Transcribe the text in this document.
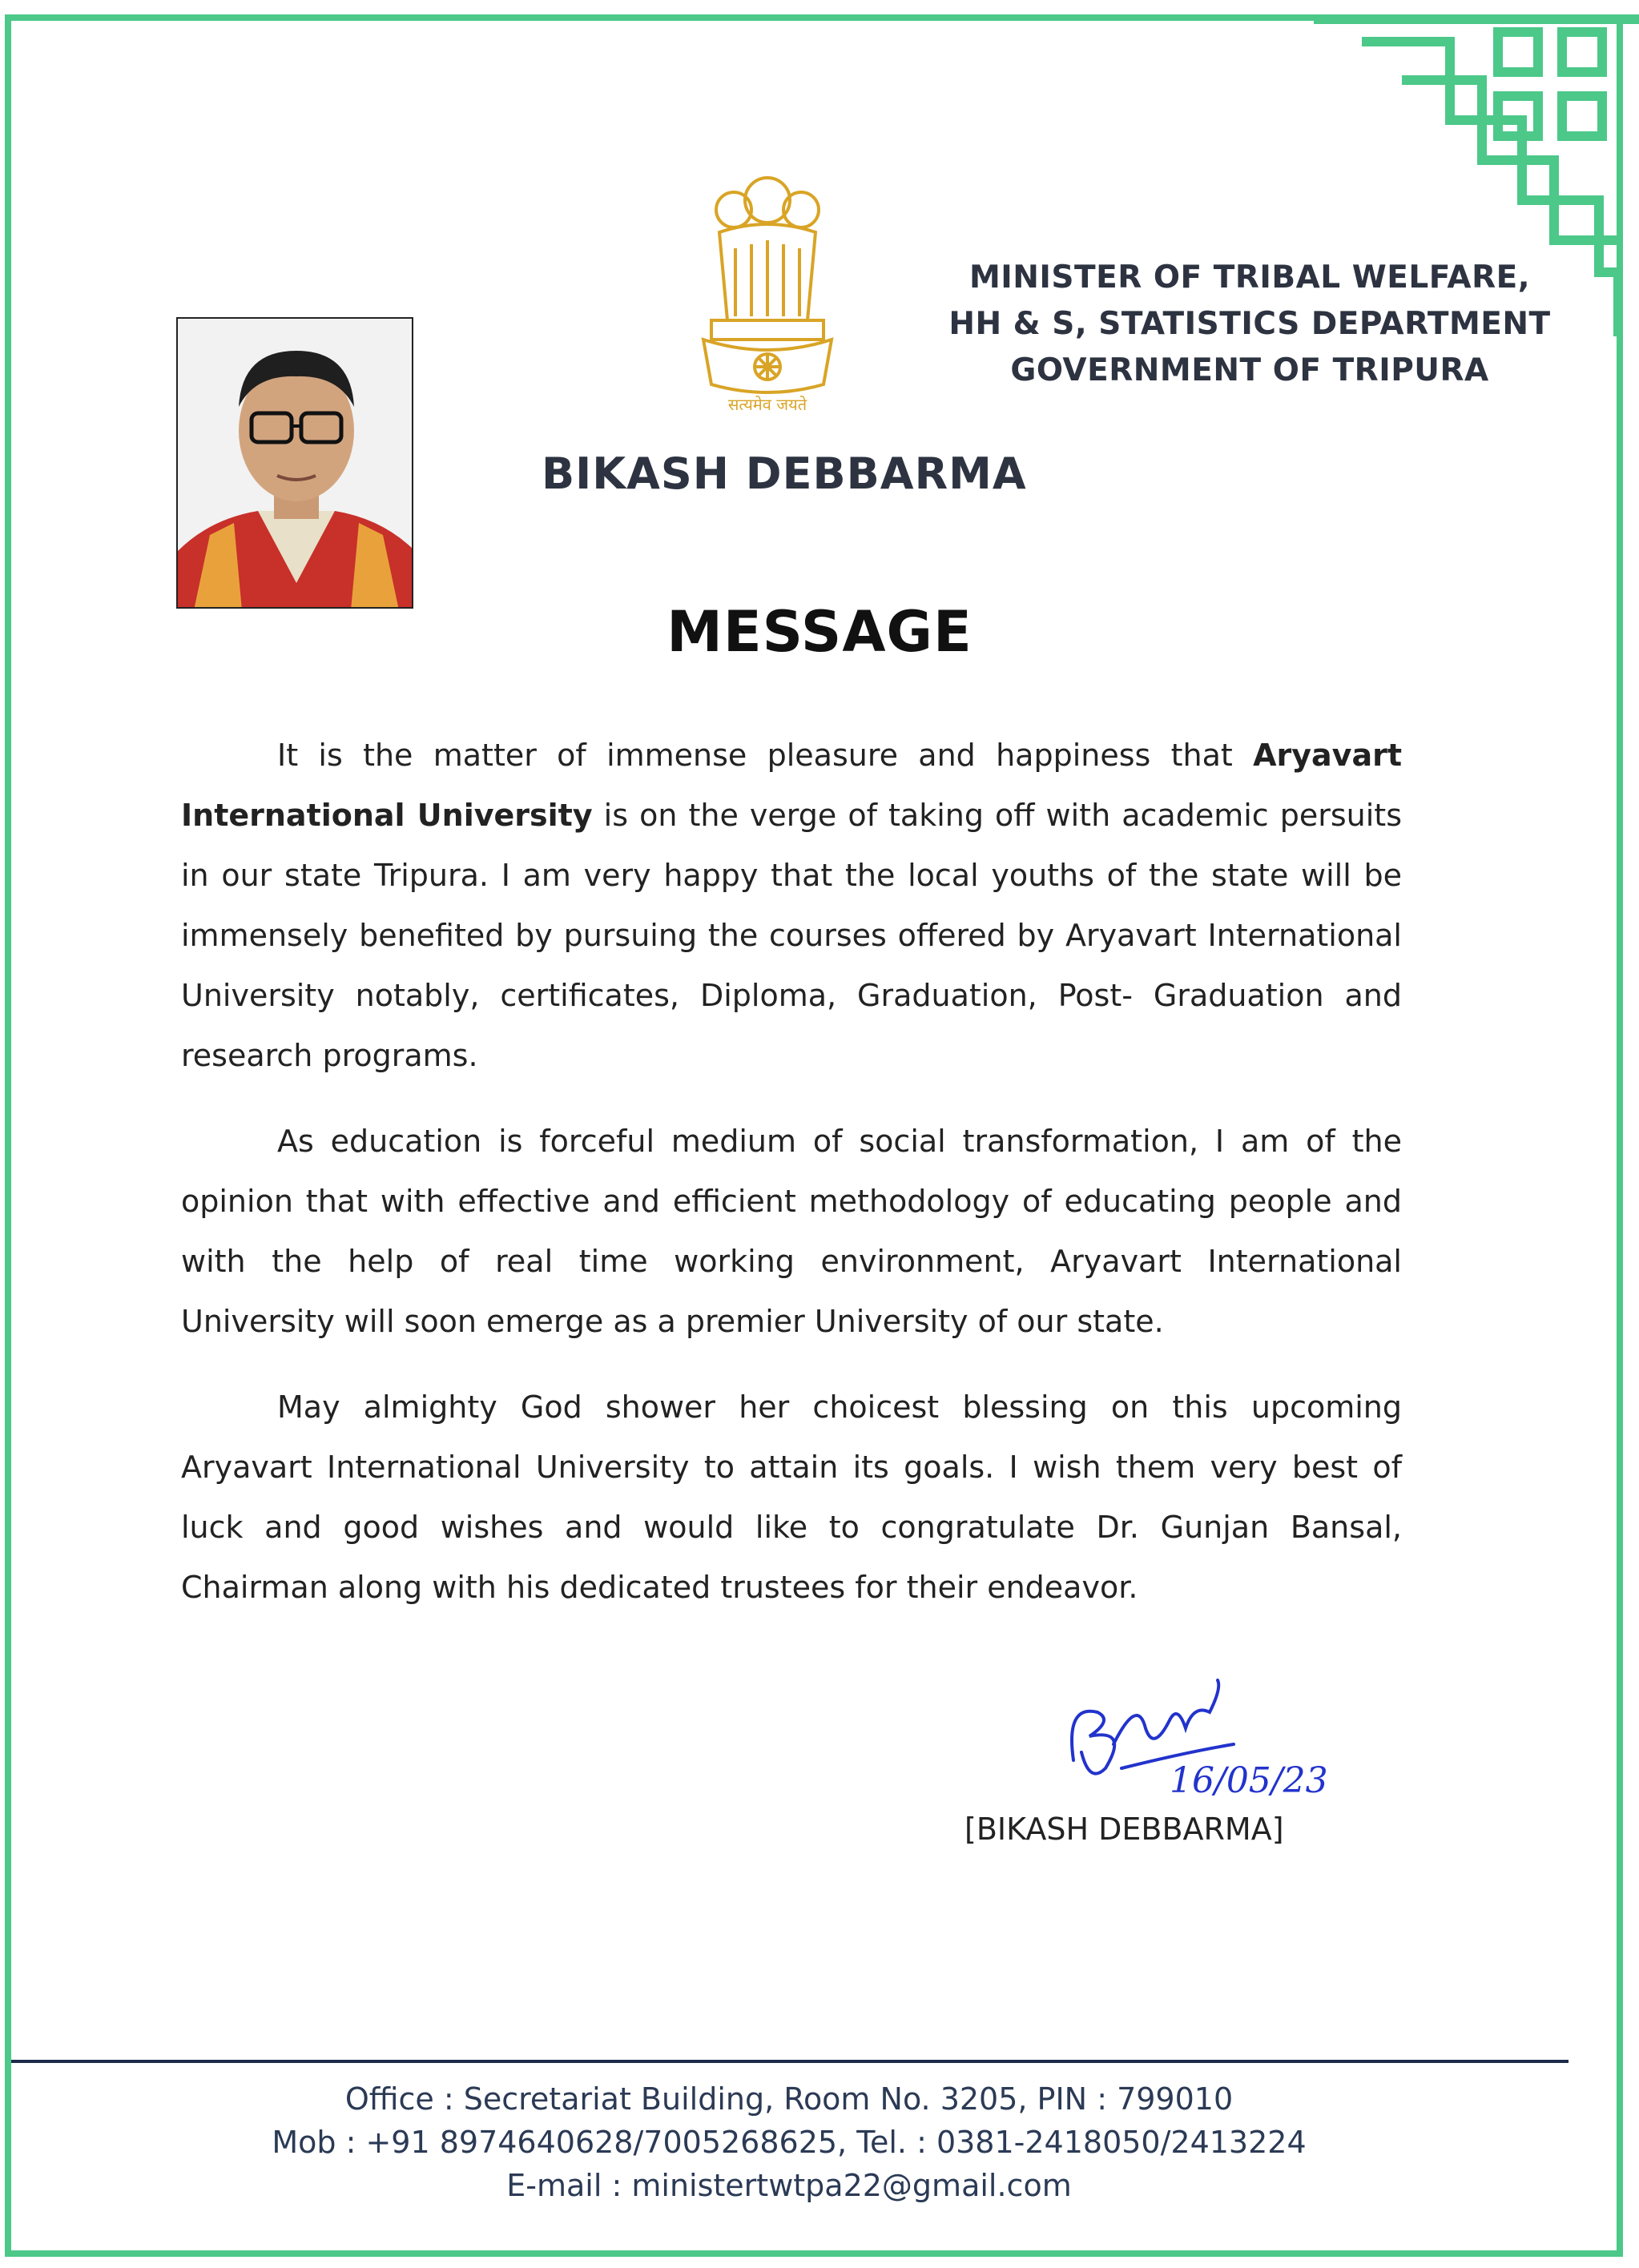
सत्यमेव जयते
MINISTER OF TRIBAL WELFARE,
HH & S, STATISTICS DEPARTMENT
GOVERNMENT OF TRIPURA
BIKASH DEBBARMA
MESSAGE

It is the matter of immense pleasure and happiness that Aryavart International University is on the verge of taking off with academic persuits in our state Tripura. I am very happy that the local youths of the state will be immensely benefited by pursuing the courses offered by Aryavart International University notably, certificates, Diploma, Graduation, Post- Graduation and research programs.

As education is forceful medium of social transformation, I am of the opinion that with effective and efficient methodology of educating people and with the help of real time working environment, Aryavart International University will soon emerge as a premier University of our state.

May almighty God shower her choicest blessing on this upcoming Aryavart International University to attain its goals. I wish them very best of luck and good wishes and would like to congratulate Dr. Gunjan Bansal, Chairman along with his dedicated trustees for their endeavor.

16/05/23
[BIKASH DEBBARMA]
Office : Secretariat Building, Room No. 3205, PIN : 799010
Mob : +91 8974640628/7005268625, Tel. : 0381-2418050/2413224
E-mail : ministertwtpa22@gmail.com
